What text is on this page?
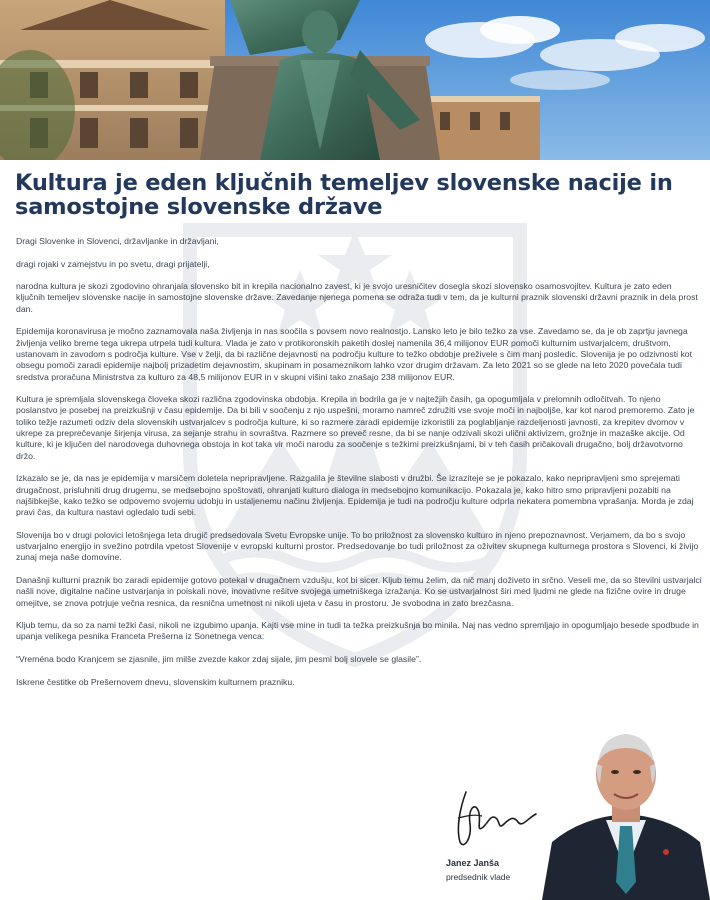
Kultura je eden ključnih temeljev slovenske nacije in samostojne slovenske države

Dragi Slovenke in Slovenci, državljanke in državljani,

dragi rojaki v zamejstvu in po svetu, dragi prijatelji,

narodna kultura je skozi zgodovino ohranjala slovensko bit in krepila nacionalno zavest, ki je svojo uresničitev dosegla skozi slovensko osamosvojitev. Kultura je zato eden ključnih temeljev slovenske nacije in samostojne slovenske države. Zavedanje njenega pomena se odraža tudi v tem, da je kulturni praznik slovenski državni praznik in dela prost dan.

Epidemija koronavirusa je močno zaznamovala naša življenja in nas soočila s povsem novo realnostjo. Lansko leto je bilo težko za vse. Zavedamo se, da je ob zaprtju javnega življenja veliko breme tega ukrepa utrpela tudi kultura. Vlada je zato v protikoronskih paketih doslej namenila 36,4 milijonov EUR pomoči kulturnim ustvarjalcem, društvom, ustanovam in zavodom s področja kulture. Vse v želji, da bi različne dejavnosti na področju kulture to težko obdobje preživele s čim manj posledic. Slovenija je po odzivnosti kot obsegu pomoči zaradi epidemije najbolj prizadetim dejavnostim, skupinam in posameznikom lahko vzor drugim državam. Za leto 2021 so se glede na leto 2020 povečala tudi sredstva proračuna Ministrstva za kulturo za 48,5 milijonov EUR in v skupni višini tako znašajo 238 milijonov EUR.

Kultura je spremljala slovenskega človeka skozi različna zgodovinska obdobja. Krepila in bodrila ga je v najtežjih časih, ga opogumljala v prelomnih odločitvah. To njeno poslanstvo je posebej na preizkušnji v času epidemije. Da bi bili v soočenju z njo uspešni, moramo namreč združiti vse svoje moči in najboljše, kar kot narod premoremo. Zato je toliko težje razumeti odziv dela slovenskih ustvarjalcev s področja kulture, ki so razmere zaradi epidemije izkoristili za poglabljanje razdeljenosti javnosti, za krepitev dvomov v ukrepe za preprečevanje širjenja virusa, za sejanje strahu in sovraštva. Razmere so preveč resne, da bi se nanje odzivali skozi ulični aktivizem, grožnje in mazaške akcije. Od kulture, ki je ključen del narodovega duhovnega obstoja in kot taka vir moči narodu za soočenje s težkimi preizkušnjami, bi v teh časih pričakovali drugačno, bolj državotvorno držo.

Izkazalo se je, da nas je epidemija v marsičem doletela nepripravljene. Razgalila je številne slabosti v družbi. Še izraziteje se je pokazalo, kako nepripravljeni smo sprejemati drugačnost, prisluhniti drug drugemu, se medsebojno spoštovati, ohranjati kulturo dialoga in medsebojno komunikacijo. Pokazala je, kako hitro smo pripravljeni pozabiti na najšibkejše, kako težko se odpovemo svojemu udobju in ustaljenemu načinu življenja. Epidemija je tudi na področju kulture odprla nekatera pomembna vprašanja. Morda je zdaj pravi čas, da kultura nastavi ogledalo tudi sebi.

Slovenija bo v drugi polovici letošnjega leta drugič predsedovala Svetu Evropske unije. To bo priložnost za slovensko kulturo in njeno prepoznavnost. Verjamem, da bo s svojo ustvarjalno energijo in svežino potrdila vpetost Slovenije v evropski kulturni prostor. Predsedovanje bo tudi priložnost za oživitev skupnega kulturnega prostora s Slovenci, ki živijo zunaj meja naše domovine.

Današnji kulturni praznik bo zaradi epidemije gotovo potekal v drugačnem vzdušju, kot bi sicer. Kljub temu želim, da nič manj doživeto in srčno. Veseli me, da so številni ustvarjalci našli nove, digitalne načine ustvarjanja in poiskali nove, inovativne rešitve svojega umetniškega izražanja. Ko se ustvarjalnost širi med ljudmi ne glede na fizične ovire in druge omejitve, se znova potrjuje večna resnica, da resnična umetnost ni nikoli ujeta v času in prostoru. Je svobodna in zato brezčasna.

Kljub temu, da so za nami težki časi, nikoli ne izgubimo upanja. Kajti vse mine in tudi ta težka preizkušnja bo minila. Naj nas vedno spremljajo in opogumljajo besede spodbude in upanja velikega pesnika Franceta Prešerna iz Sonetnega venca:

“Vreména bodo Kranjcem se zjasnile, jim milše zvezde kakor zdaj sijale, jim pesmi bolj slovele se glasile”.

Iskrene čestitke ob Prešernovem dnevu, slovenskim kulturnem prazniku.

Janez Janša
predsednik vlade
